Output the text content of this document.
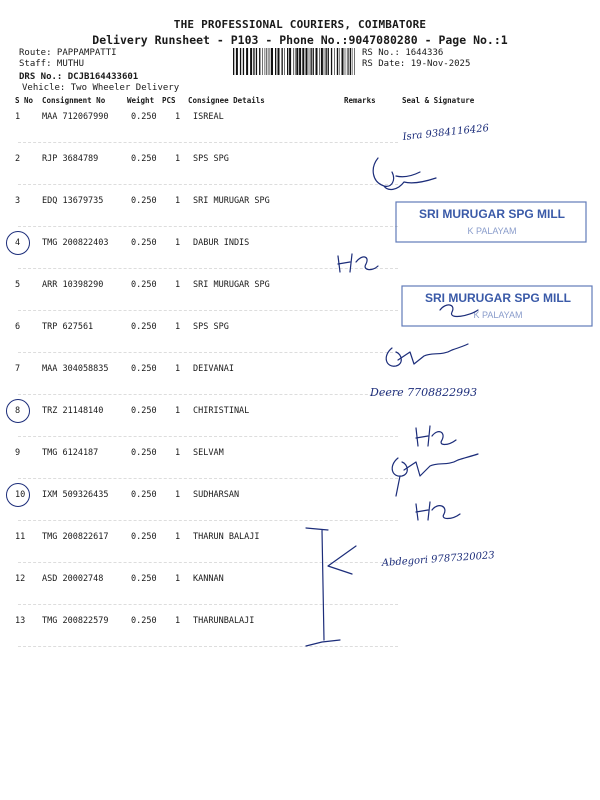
THE PROFESSIONAL COURIERS, COIMBATORE
Delivery Runsheet - P103 - Phone No.:9047080280 - Page No.:1
Route: PAPPAMPATTI
Staff: MUTHU
DRS No.: DCJB164433601
Vehicle: Two Wheeler Delivery
RS No.: 1644336
RS Date: 19-Nov-2025
S No Consignment No	Weight PCS Consignee Details	Remarks	Seal & Signature
1	MAA 712067990	0.250 1 ISREAL
2	RJP 3684789	0.250 1 SPS SPG
3	EDQ 13679735	0.250 1 SRI MURUGAR SPG
4	TMG 200822403	0.250 1 DABUR INDIS
5	ARR 10398290	0.250 1 SRI MURUGAR SPG
6	TRP 627561	0.250 1 SPS SPG
7	MAA 304058835	0.250 1 DEIVANAI
8	TRZ 21148140	0.250 1 CHIRISTINAL
9	TMG 6124187	0.250 1 SELVAM
10 IXM 509326435	0.250 1 SUDHARSAN
11 TMG 200822617	0.250 1 THARUN BALAJI
12 ASD 20002748	0.250 1 KANNAN
13 TMG 200822579	0.250 1 THARUNBALAJI
SRI MURUGAR SPG MILL
K PALAYAM
SRI MURUGAR SPG MILL
K PALAYAM
Isra 9384116426
Deere 7708822993
Abdegori 9787320023
